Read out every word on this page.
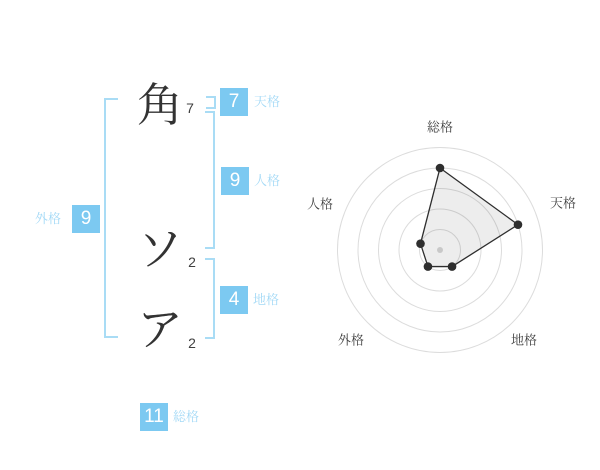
角 7
ソ 2
ア 2
7	天格
9	人格
4	地格
外格	9
11 総格
総格
天格
地格
外格
人格
